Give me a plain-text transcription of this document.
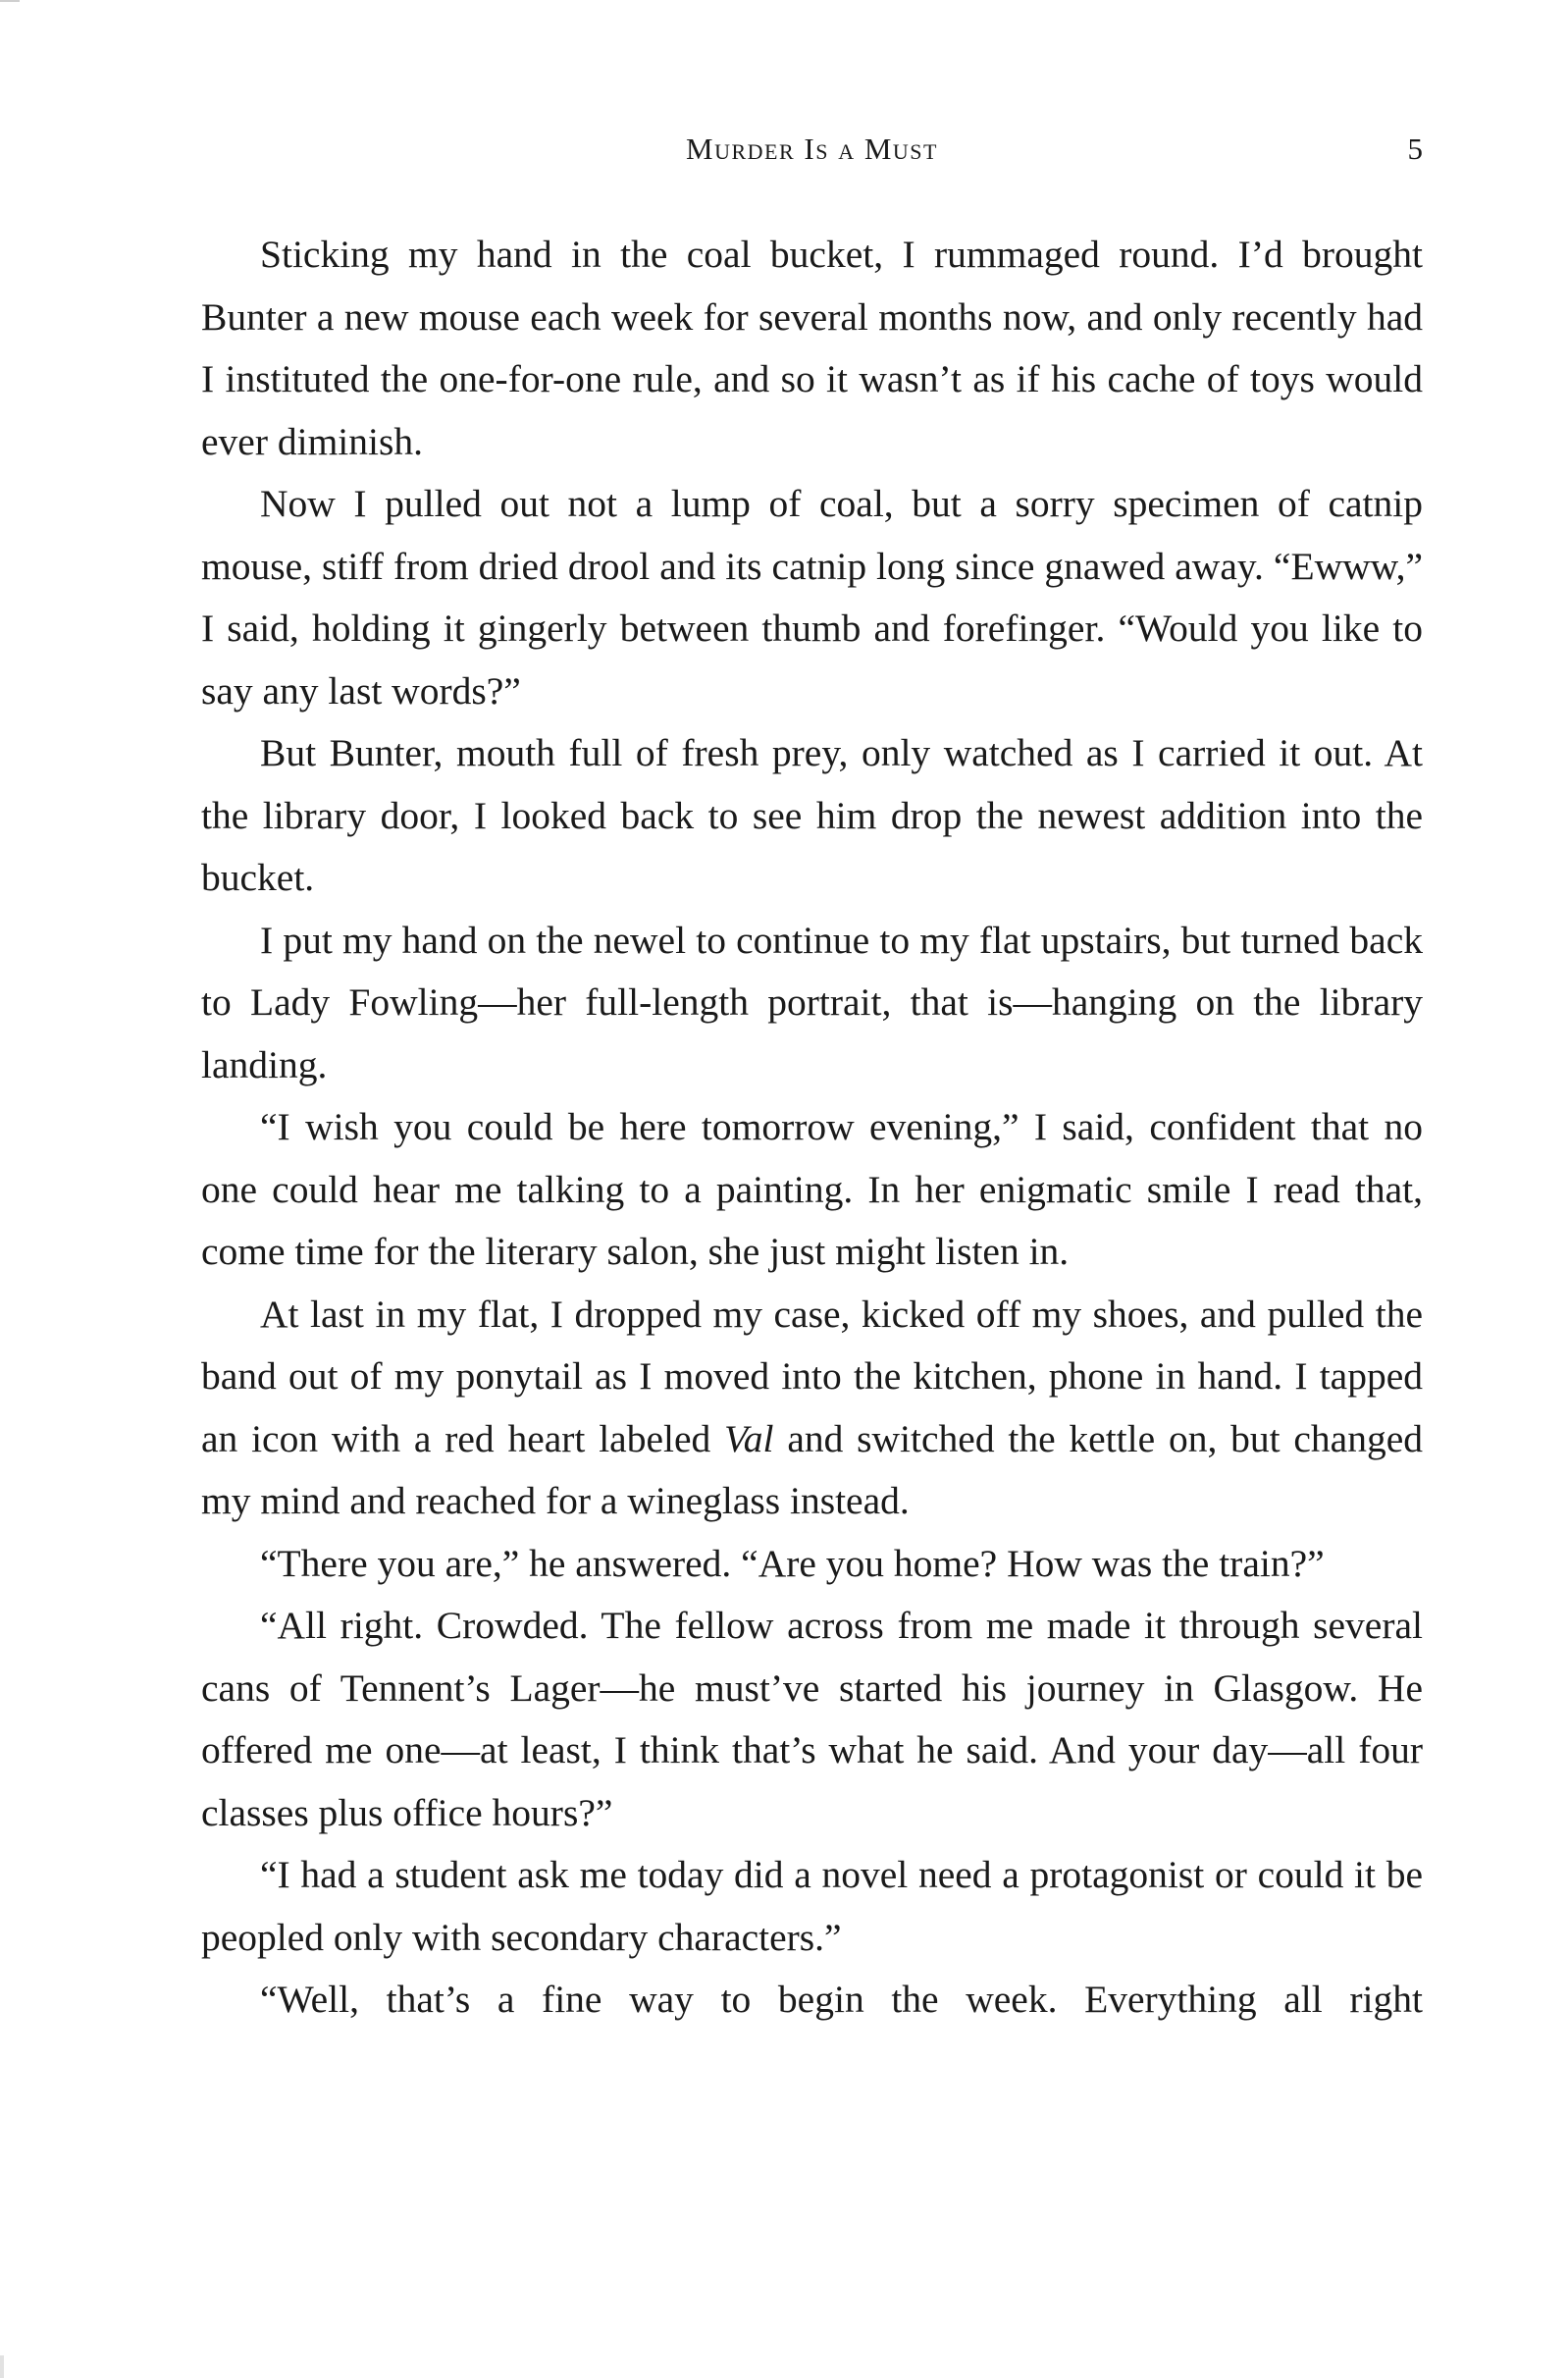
Murder Is a Must	5

Sticking my hand in the coal bucket, I rummaged round. I’d brought Bunter a new mouse each week for several months now, and only recently had I instituted the one-for-one rule, and so it wasn’t as if his cache of toys would ever diminish.

Now I pulled out not a lump of coal, but a sorry specimen of catnip mouse, stiff from dried drool and its catnip long since gnawed away. “Ewww,” I said, holding it gingerly between thumb and forefinger. “Would you like to say any last words?”

But Bunter, mouth full of fresh prey, only watched as I carried it out. At the library door, I looked back to see him drop the newest addition into the bucket.

I put my hand on the newel to continue to my flat upstairs, but turned back to Lady Fowling—her full-length portrait, that is—hanging on the library landing.

“I wish you could be here tomorrow evening,” I said, confident that no one could hear me talking to a painting. In her enigmatic smile I read that, come time for the literary salon, she just might listen in.

At last in my flat, I dropped my case, kicked off my shoes, and pulled the band out of my ponytail as I moved into the kitchen, phone in hand. I tapped an icon with a red heart labeled Val and switched the kettle on, but changed my mind and reached for a wineglass instead.

“There you are,” he answered. “Are you home? How was the train?”

“All right. Crowded. The fellow across from me made it through several cans of Tennent’s Lager—he must’ve started his journey in Glasgow. He offered me one—at least, I think that’s what he said. And your day—all four classes plus office hours?”

“I had a student ask me today did a novel need a protagonist or could it be peopled only with secondary characters.”

“Well, that’s a fine way to begin the week. Everything all right
